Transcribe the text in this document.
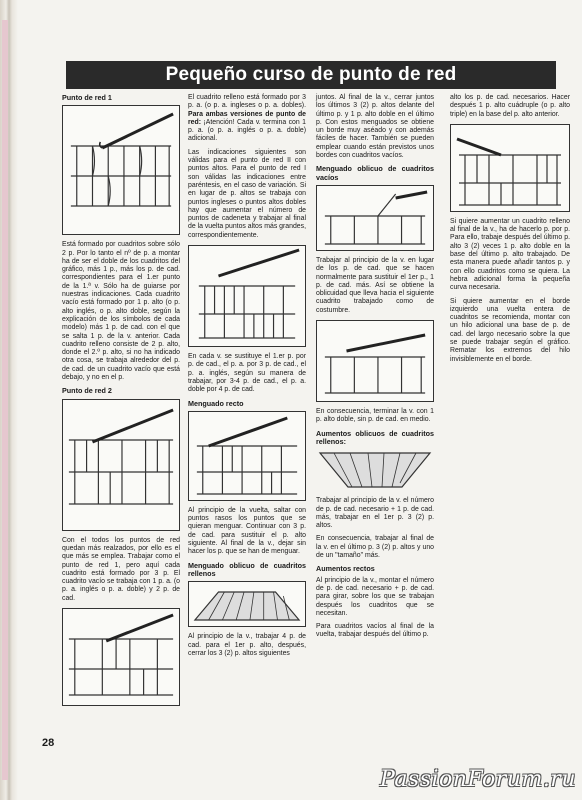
Pequeño curso de punto de red
Punto de red 1

Está formado por cuadritos sobre sólo 2 p. Por lo tanto el nº de p. a montar ha de ser el doble de los cuadritos del gráfico, más 1 p., más los p. de cad. correspondientes para el 1.er punto de la 1.ª v. Sólo ha de guiarse por nuestras indicaciones. Cada cuadrito vacío está formado por 1 p. alto (o p. alto inglés, o p. alto doble, según la explicación de los símbolos de cada modelo) más 1 p. de cad. con el que se salta 1 p. de la v. anterior. Cada cuadrito relleno consiste de 2 p. alto, donde el 2.º p. alto, si no ha indicado otra cosa, se trabaja alrededor del p. de cad. de un cuadrito vacío que está debajo, y no en el p.

Punto de red 2

Con el todos los puntos de red quedan más realzados, por ello es el que más se emplea. Trabajar como el punto de red 1, pero aquí cada cuadrito está formado por 3 p. El cuadrito vacío se trabaja con 1 p. a. (o p. a. inglés o p. a. doble) y 2 p. de cad.

El cuadrito relleno está formado por 3 p. a. (o p. a. ingleses o p. a. dobles). Para ambas versiones de punto de red: ¡Atención! Cada v. termina con 1 p. a. (o p. a. inglés o p. a. doble) adicional.

Las indicaciones siguientes son válidas para el punto de red II con puntos altos. Para el punto de red I son válidas las indicaciones entre paréntesis, en el caso de variación. Si en lugar de p. altos se trabaja con puntos ingleses o puntos altos dobles hay que aumentar el número de puntos de cadeneta y trabajar al final de la vuelta puntos altos más grandes, correspondientemente.

En cada v. se sustituye el 1.er p. por p. de cad., el p. a. por 3 p. de cad., el p. a. inglés, según su manera de trabajar, por 3-4 p. de cad., el p. a. doble por 4 p. de cad.

Menguado recto

Al principio de la vuelta, saltar con puntos rasos los puntos que se quieran menguar. Continuar con 3 p. de cad. para sustituir el p. alto siguiente. Al final de la v., dejar sin hacer los p. que se han de menguar.

Menguado oblicuo de cuadritos rellenos

Al principio de la v., trabajar 4 p. de cad. para el 1er p. alto, después, cerrar los 3 (2) p. altos siguientes

juntos. Al final de la v., cerrar juntos los últimos 3 (2) p. altos delante del último p. y 1 p. alto doble en el último p. Con estos menguados se obtiene un borde muy aséado y con además fáciles de hacer. También se pueden emplear cuando están previstos unos bordes con cuadritos vacíos.

Menguado oblicuo de cuadritos vacíos

Trabajar al principio de la v. en lugar de los p. de cad. que se hacen normalmente para sustituir el 1er p., 1 p. de cad. más. Así se obtiene la oblicuidad que lleva hacia el siguiente cuadrito trabajado como de costumbre.

En consecuencia, terminar la v. con 1 p. alto doble, sin p. de cad. en medio.

Aumentos oblicuos de cuadritos rellenos:

Trabajar al principio de la v. el número de p. de cad. necesario + 1 p. de cad. más, trabajar en el 1er p. 3 (2) p. altos.

En consecuencia, trabajar al final de la v. en el último p. 3 (2) p. altos y uno de un "tamaño" más.

Aumentos rectos

Al principio de la v., montar el número de p. de cad. necesario + p. de cad. para girar, sobre los que se trabajan después los cuadritos que se necesitan.

Para cuadritos vacíos al final de la vuelta, trabajar después del último p.

alto los p. de cad. necesarios. Hacer después 1 p. alto cuádruple (o p. alto triple) en la base del p. alto anterior.

Si quiere aumentar un cuadrito relleno al final de la v., ha de hacerlo p. por p. Para ello, trabaje después del último p. alto 3 (2) veces 1 p. alto doble en la base del último p. alto trabajado. De esta manera puede añadir tantos p. y con ello cuadritos como se quiera. La hebra adicional forma la pequeña curva necesaria.

Si quiere aumentar en el borde izquierdo una vuelta entera de cuadritos se recomienda, montar con un hilo adicional una base de p. de cad. del largo necesario sobre la que se puede trabajar según el gráfico. Rematar los extremos del hilo invisiblemente en el borde.

28
PassionForum.ru
